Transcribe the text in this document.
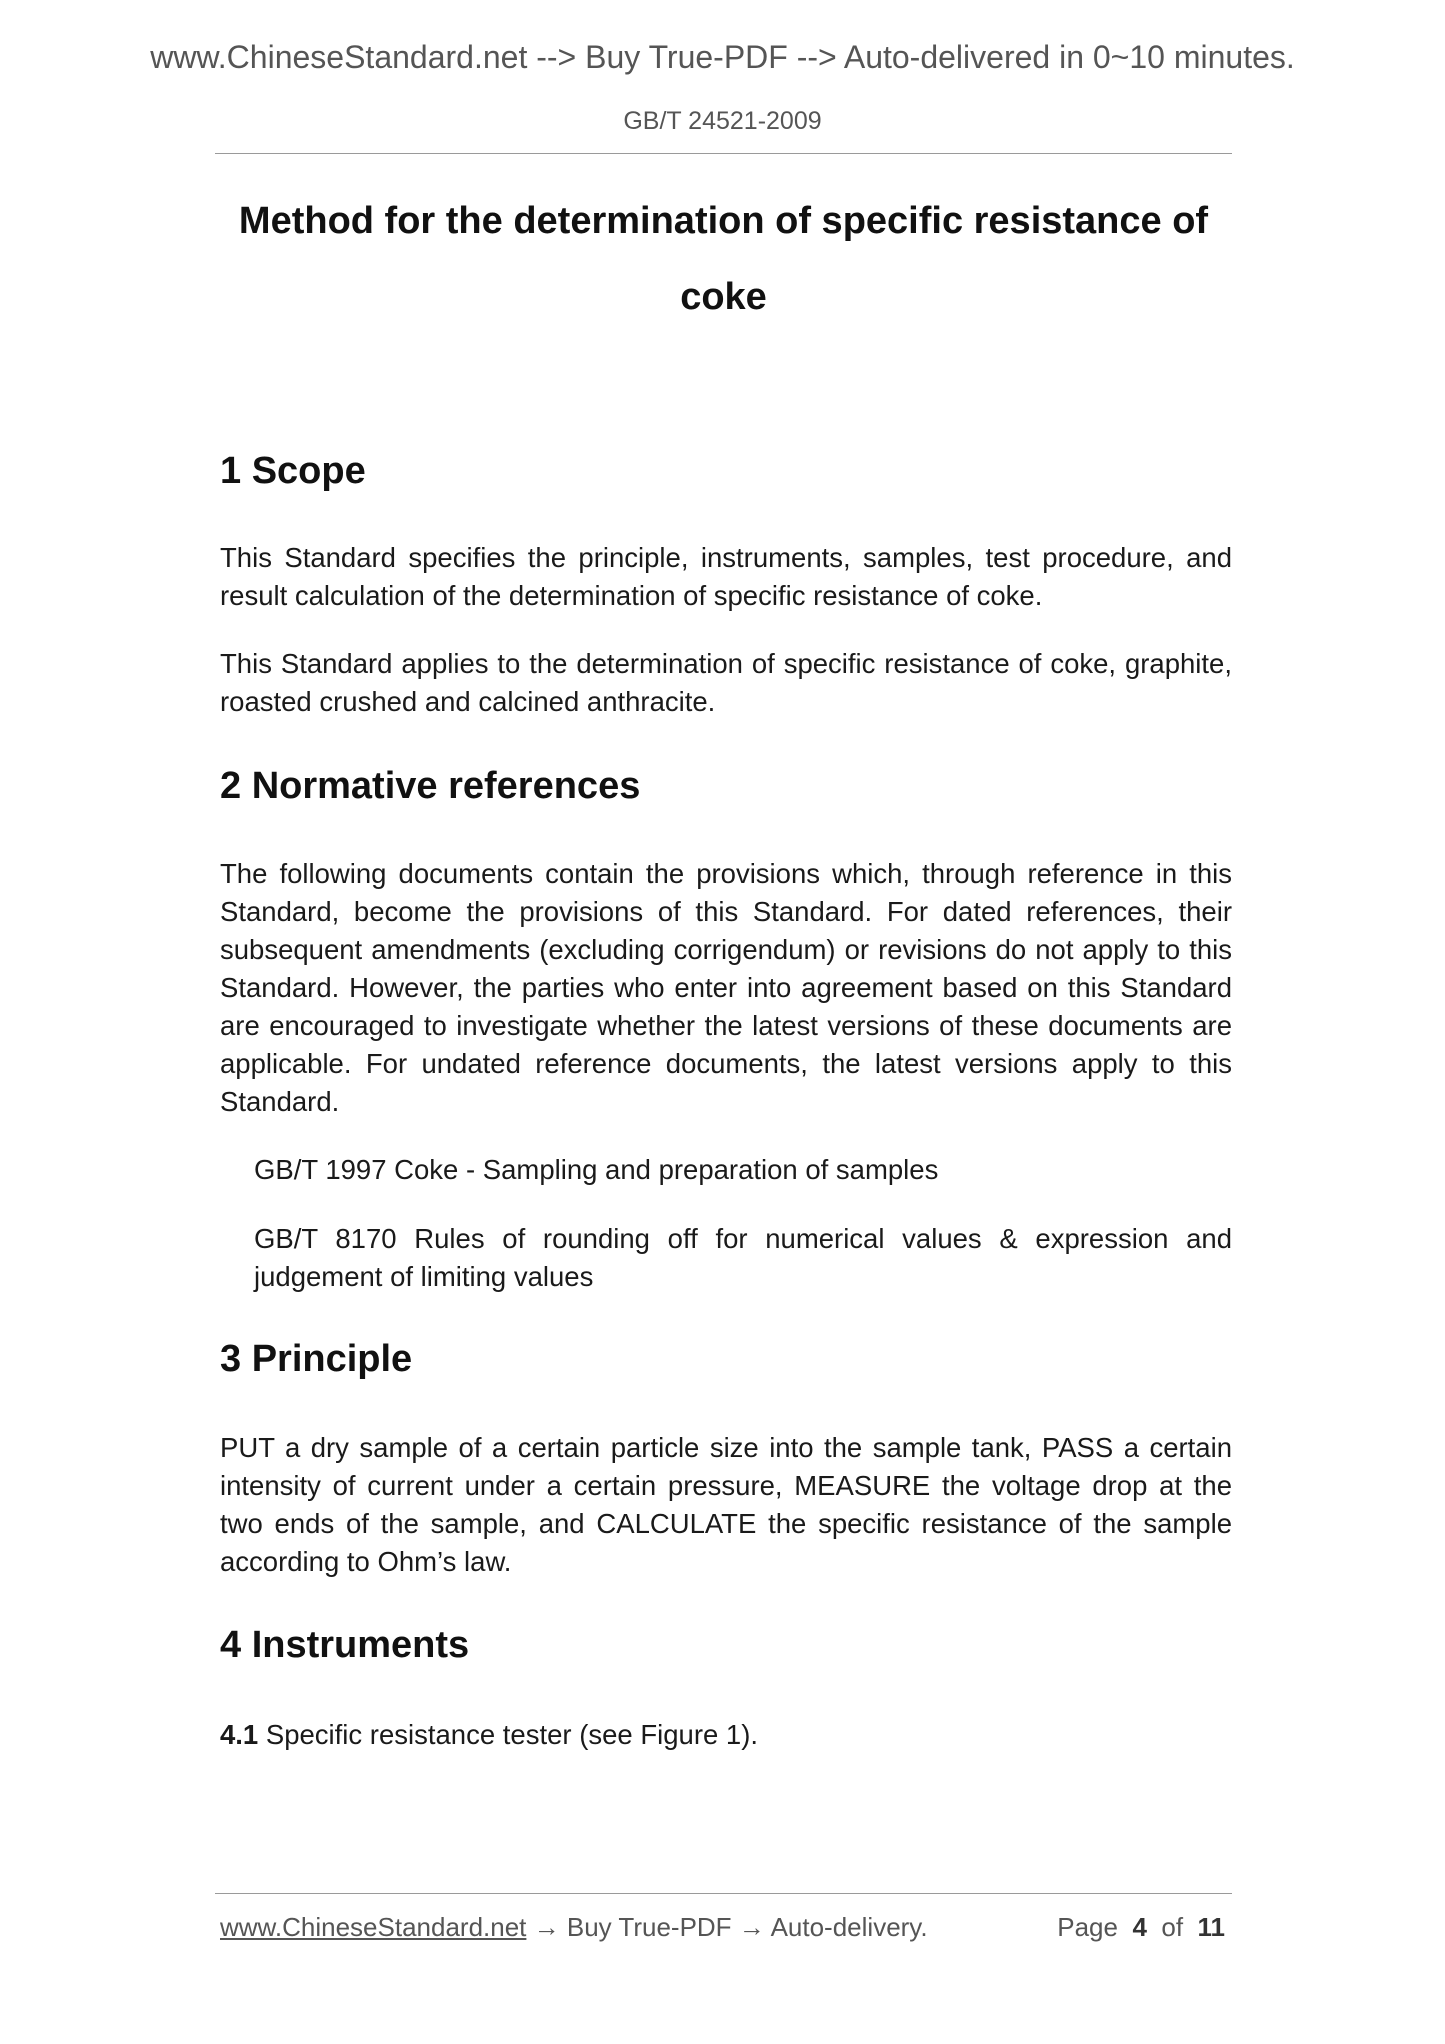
www.ChineseStandard.net --> Buy True-PDF --> Auto-delivered in 0~10 minutes.
GB/T 24521-2009
Method for the determination of specific resistance of
coke
1 Scope
This Standard specifies the principle, instruments, samples, test procedure, and result calculation of the determination of specific resistance of coke.
This Standard applies to the determination of specific resistance of coke, graphite, roasted crushed and calcined anthracite.
2 Normative references
The following documents contain the provisions which, through reference in this Standard, become the provisions of this Standard. For dated references, their subsequent amendments (excluding corrigendum) or revisions do not apply to this Standard. However, the parties who enter into agreement based on this Standard are encouraged to investigate whether the latest versions of these documents are applicable. For undated reference documents, the latest versions apply to this Standard.
GB/T 1997 Coke - Sampling and preparation of samples
GB/T 8170 Rules of rounding off for numerical values & expression and judgement of limiting values
3 Principle
PUT a dry sample of a certain particle size into the sample tank, PASS a certain intensity of current under a certain pressure, MEASURE the voltage drop at the two ends of the sample, and CALCULATE the specific resistance of the sample according to Ohm’s law.
4 Instruments
4.1 Specific resistance tester (see Figure 1).
www.ChineseStandard.net → Buy True-PDF → Auto-delivery.	Page 4 of 11
